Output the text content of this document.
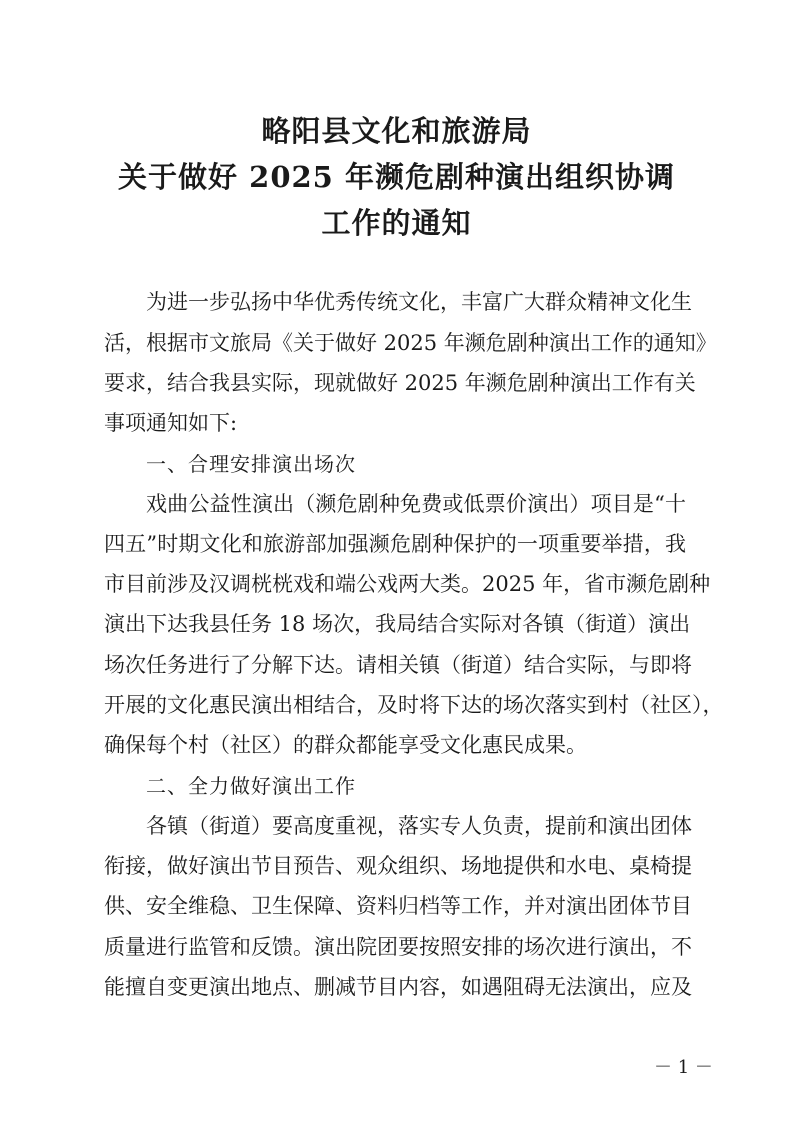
略阳县文化和旅游局
关于做好 2025 年濒危剧种演出组织协调
工作的通知
为进一步弘扬中华优秀传统文化，丰富广大群众精神文化生
活，根据市文旅局《关于做好 2025 年濒危剧种演出工作的通知》
要求，结合我县实际，现就做好 2025 年濒危剧种演出工作有关
事项通知如下:
一、合理安排演出场次
戏曲公益性演出（濒危剧种免费或低票价演出）项目是“十
四五”时期文化和旅游部加强濒危剧种保护的一项重要举措，我
市目前涉及汉调桄桄戏和端公戏两大类。2025 年，省市濒危剧种
演出下达我县任务 18 场次，我局结合实际对各镇（街道）演出
场次任务进行了分解下达。请相关镇（街道）结合实际，与即将
开展的文化惠民演出相结合，及时将下达的场次落实到村（社区），
确保每个村（社区）的群众都能享受文化惠民成果。
二、全力做好演出工作
各镇（街道）要高度重视，落实专人负责，提前和演出团体
衔接，做好演出节目预告、观众组织、场地提供和水电、桌椅提
供、安全维稳、卫生保障、资料归档等工作，并对演出团体节目
质量进行监管和反馈。演出院团要按照安排的场次进行演出，不
能擅自变更演出地点、删减节目内容，如遇阻碍无法演出，应及
－ 1 －
